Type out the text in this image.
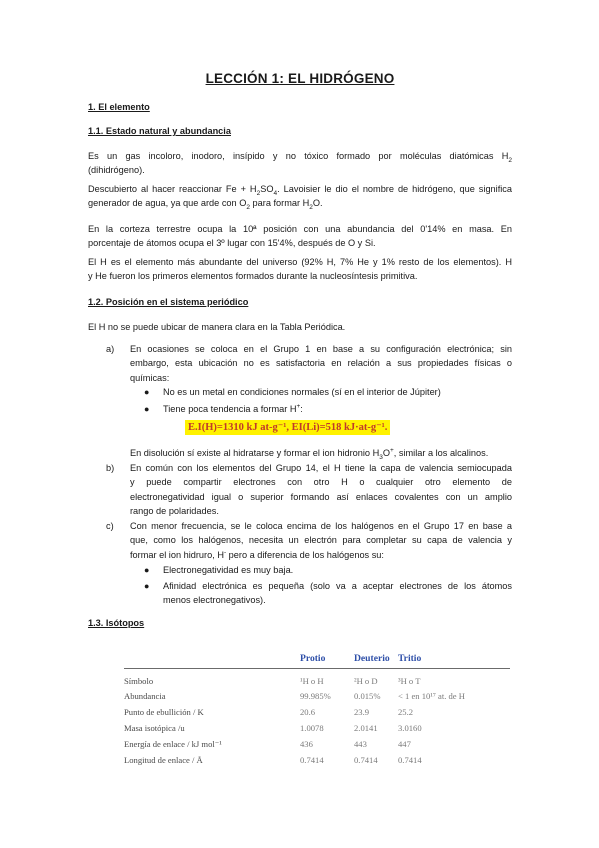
LECCIÓN 1: EL HIDRÓGENO
1. El elemento
1.1. Estado natural y abundancia
Es un gas incoloro, inodoro, insípido y no tóxico formado por moléculas diatómicas $H_2$
(dihidrógeno).
Descubierto al hacer reaccionar $Fe + H_2SO_4$. Lavoisier le dio el nombre de hidrógeno, que significa
generador de agua, ya que arde con $O_2$ para formar $H_2O$.
En la corteza terrestre ocupa la 10ª posición con una abundancia del 0'14% en masa. En
porcentaje de átomos ocupa el 3º lugar con 15'4%, después de O y Si.
El H es el elemento más abundante del universo (92% H, 7% He y 1% resto de los elementos). H
y He fueron los primeros elementos formados durante la nucleosíntesis primitiva.
1.2. Posición en el sistema periódico
El H no se puede ubicar de manera clara en la Tabla Periódica.
a) En ocasiones se coloca en el Grupo 1 en base a su configuración electrónica; sin
embargo, esta ubicación no es satisfactoria en relación a sus propiedades físicas o
químicas:
● No es un metal en condiciones normales (sí en el interior de Júpiter)
● Tiene poca tendencia a formar H+:
E.I(H)=1310 kJ at-g⁻¹, EI(Li)=518 kJ·at-g⁻¹.
En disolución sí existe al hidratarse y formar el ion hidronio $H_3O^+$, similar a los alcalinos.
b) En común con los elementos del Grupo 14, el H tiene la capa de valencia semiocupada
y puede compartir electrones con otro H o cualquier otro elemento de
electronegatividad igual o superior formando así enlaces covalentes con un amplio
rango de polaridades.
c) Con menor frecuencia, se le coloca encima de los halógenos en el Grupo 17 en base a
que, como los halógenos, necesita un electrón para completar su capa de valencia y
formar el ion hidruro, H- pero a diferencia de los halógenos su:
● Electronegatividad es muy baja.
● Afinidad electrónica es pequeña (solo va a aceptar electrones de los átomos
menos electronegativos).
1.3. Isótopos
	Protio	Deuterio	Tritio

Símbolo	¹H o H	²H o D	³H o T
Abundancia	99.985%	0.015%	< 1 en 10¹⁷ at. de H
Punto de ebullición / K	20.6	23.9	25.2
Masa isotópica /u	1.0078	2.0141	3.0160
Energía de enlace / kJ mol⁻¹	436	443	447
Longitud de enlace / Å	0.7414	0.7414	0.7414
